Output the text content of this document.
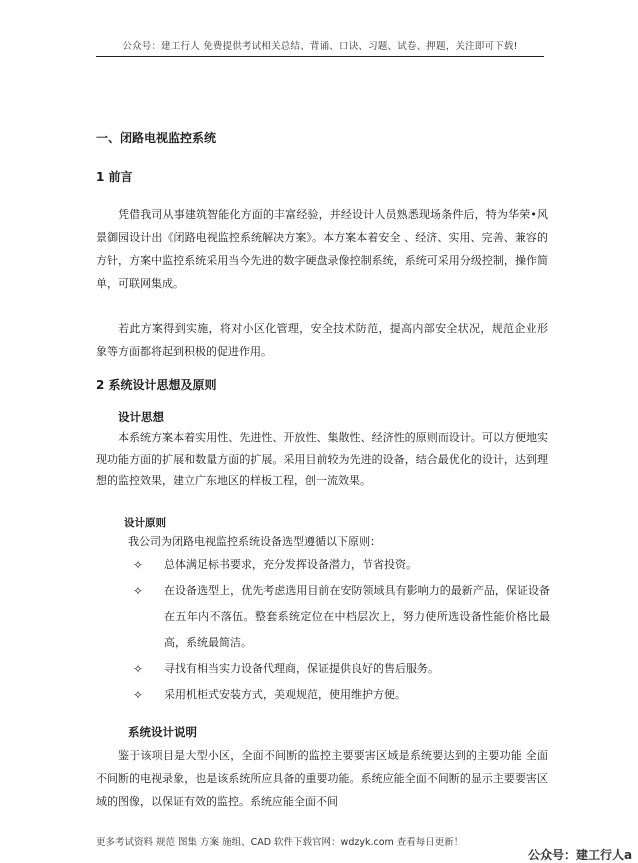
公众号：建工行人 免费提供考试相关总结、背诵、口诀、习题、试卷、押题，关注即可下载!
一、闭路电视监控系统
1 前言

凭借我司从事建筑智能化方面的丰富经验，并经设计人员熟悉现场条件后，特为华荣•风景御园设计出《闭路电视监控系统解决方案》。本方案本着安全 、经济、实用、完善、兼容的方针，方案中监控系统采用当今先进的数字硬盘录像控制系统，系统可采用分级控制，操作简单，可联网集成。

若此方案得到实施，将对小区化管理，安全技术防范，提高内部安全状况，规范企业形 象等方面都将起到积极的促进作用。

2 系统设计思想及原则
设计思想

本系统方案本着实用性、先进性、开放性、集散性、经济性的原则而设计。可以方便地实现功能方面的扩展和数量方面的扩展。采用目前较为先进的设备，结合最优化的设计，达到理想的监控效果，建立广东地区的样板工程，创一流效果。

设计原则

我公司为闭路电视监控系统设备选型遵循以下原则：

✧ 总体满足标书要求，充分发挥设备潜力，节省投资。
✧ 在设备选型上，优先考虑选用目前在安防领域具有影响力的最新产品，保证设备在五年内不落伍。整套系统定位在中档层次上，努力使所选设备性能价格比最高，系统最简洁。
✧ 寻找有相当实力设备代理商，保证提供良好的售后服务。
✧ 采用机柜式安装方式，美观规范，使用维护方便。
系统设计说明

鉴于该项目是大型小区，全面不间断的监控主要要害区域是系统要达到的主要功能 全面不间断的电视录象，也是该系统所应具备的重要功能。系统应能全面不间断的显示主要要害区域的图像，以保证有效的监控。系统应能全面不间

更多考试资料 规范 图集 方案 施组、CAD 软件下载官网：wdzyk.com 查看每日更新！
公众号：建工行人a
